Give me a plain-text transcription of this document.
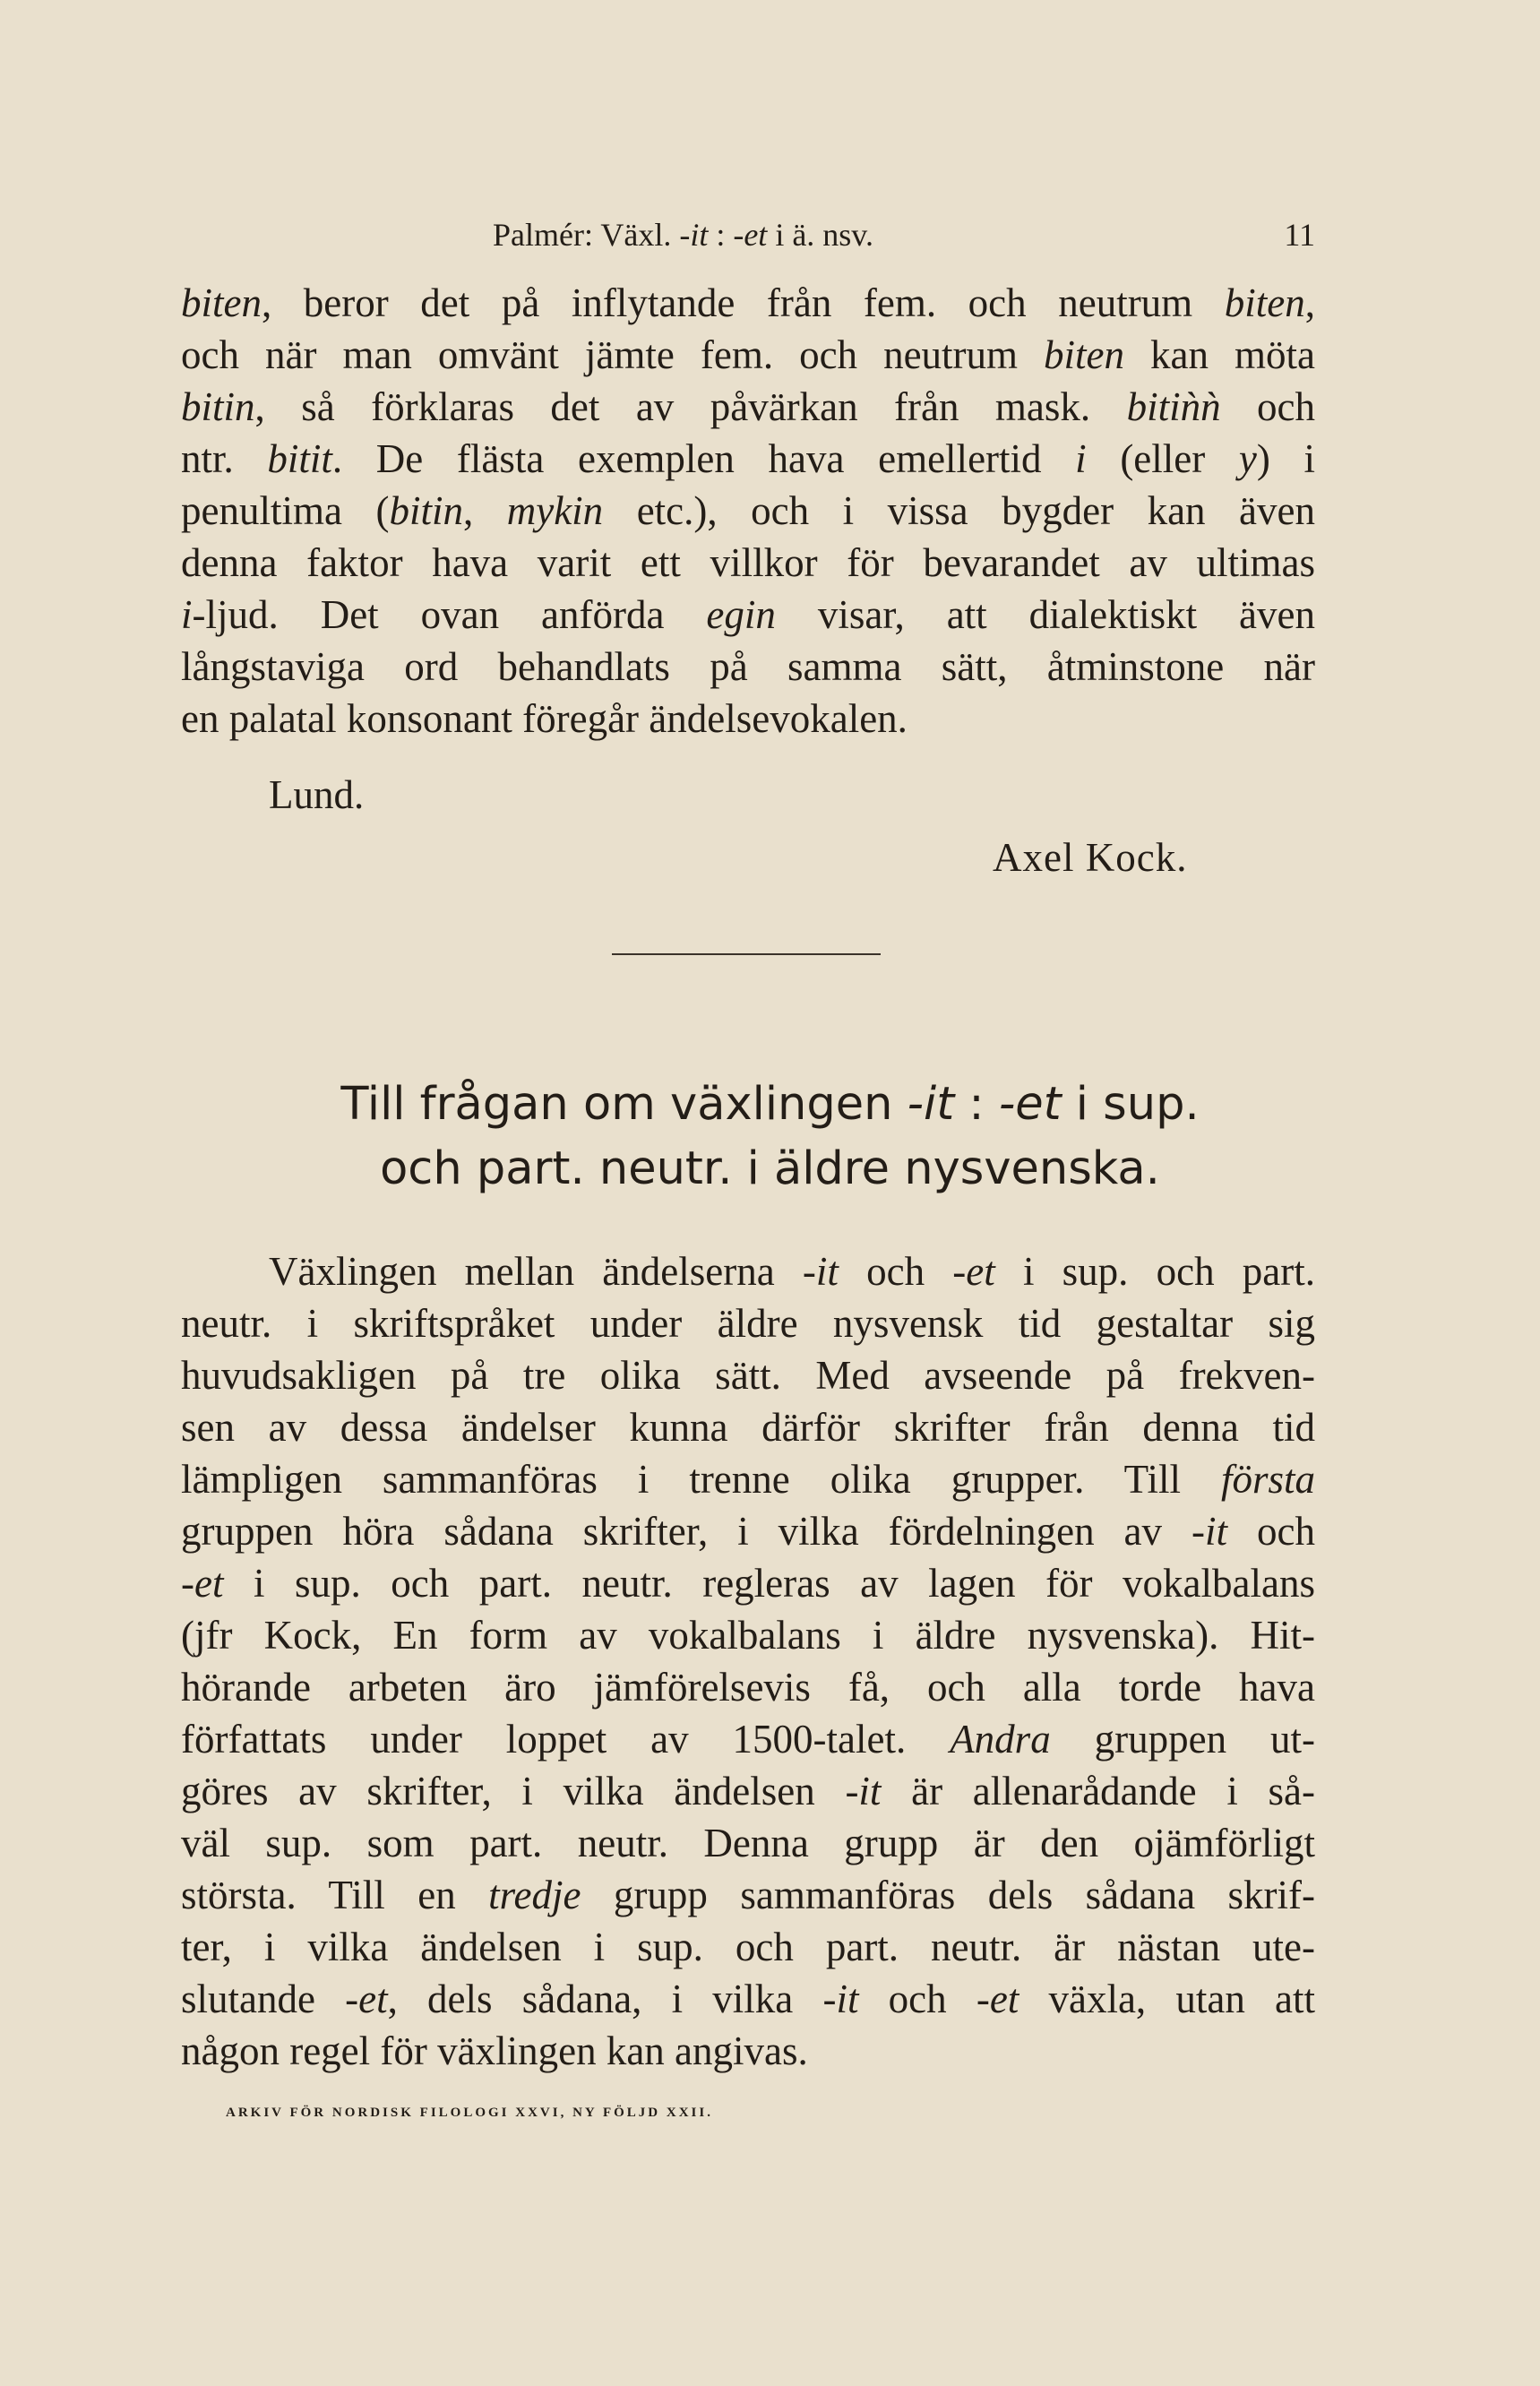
Palmér: Växl. -it : -et i ä. nsv.	11
biten, beror det på inflytande från fem. och neutrum biten,
och när man omvänt jämte fem. och neutrum biten kan möta
bitin, så förklaras det av påvärkan från mask. bitiǹǹ och
ntr. bitit. De flästa exemplen hava emellertid i (eller y) i
penultima (bitin, mykin etc.), och i vissa bygder kan även
denna faktor hava varit ett villkor för bevarandet av ultimas
i-ljud. Det ovan anförda egin visar, att dialektiskt även
långstaviga ord behandlats på samma sätt, åtminstone när
en palatal konsonant föregår ändelsevokalen.
Lund.
Axel Kock.
Till frågan om växlingen -it : -et i sup.
och part. neutr. i äldre nysvenska.
Växlingen mellan ändelserna -it och -et i sup. och part.
neutr. i skriftspråket under äldre nysvensk tid gestaltar sig
huvudsakligen på tre olika sätt. Med avseende på frekven-
sen av dessa ändelser kunna därför skrifter från denna tid
lämpligen sammanföras i trenne olika grupper. Till första
gruppen höra sådana skrifter, i vilka fördelningen av -it och
-et i sup. och part. neutr. regleras av lagen för vokalbalans
(jfr Kock, En form av vokalbalans i äldre nysvenska). Hit-
hörande arbeten äro jämförelsevis få, och alla torde hava
författats under loppet av 1500-talet. Andra gruppen ut-
göres av skrifter, i vilka ändelsen -it är allenarådande i så-
väl sup. som part. neutr. Denna grupp är den ojämförligt
största. Till en tredje grupp sammanföras dels sådana skrif-
ter, i vilka ändelsen i sup. och part. neutr. är nästan ute-
slutande -et, dels sådana, i vilka -it och -et växla, utan att
någon regel för växlingen kan angivas.
ARKIV FÖR NORDISK FILOLOGI XXVI, NY FÖLJD XXII.
